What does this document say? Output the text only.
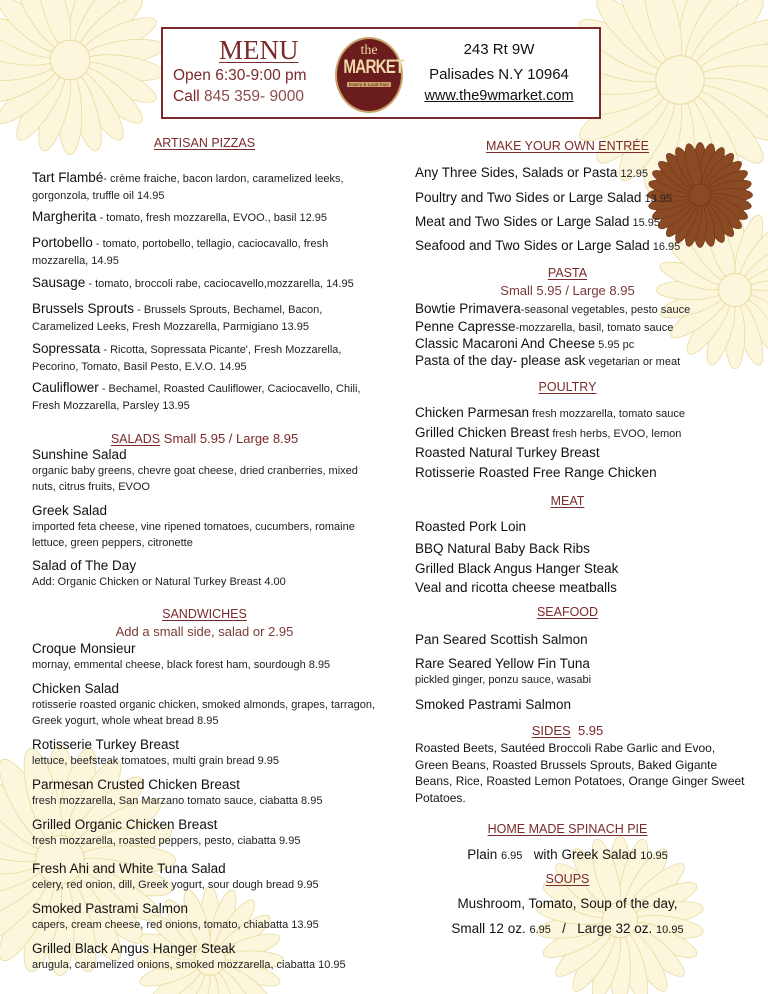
MENU
Open 6:30-9:00 pm
Call 845 359- 9000
the
MARKET
Eatery & Local Fare
243 Rt 9W
Palisades N.Y 10964
www.the9wmarket.com
ARTISAN PIZZAS
Tart Flambé- crème fraiche, bacon lardon, caramelized leeks, gorgonzola, truffle oil 14.95
Margherita - tomato, fresh mozzarella, EVOO., basil 12.95
Portobello - tomato, portobello, tellagio, caciocavallo, fresh mozzarella, 14.95
Sausage - tomato, broccoli rabe, caciocavello,mozzarella, 14.95
Brussels Sprouts - Brussels Sprouts, Bechamel, Bacon, Caramelized Leeks, Fresh Mozzarella, Parmigiano 13.95
Sopressata - Ricotta, Sopressata Picante', Fresh Mozzarella, Pecorino, Tomato, Basil Pesto, E.V.O. 14.95
Cauliflower - Bechamel, Roasted Cauliflower, Caciocavello, Chili, Fresh Mozzarella, Parsley 13.95
Sunshine Salad
organic baby greens, chevre goat cheese, dried cranberries, mixed nuts, citrus fruits, EVOO
Greek Salad
imported feta cheese, vine ripened tomatoes, cucumbers, romaine lettuce, green peppers, citronette
Salad of The Day
Add: Organic Chicken or Natural Turkey Breast 4.00
SANDWICHES
Add a small side, salad or 2.95
Croque Monsieur
mornay, emmental cheese, black forest ham, sourdough 8.95
Chicken Salad
rotisserie roasted organic chicken, smoked almonds, grapes, tarragon, Greek yogurt, whole wheat bread 8.95
Rotisserie Turkey Breast
lettuce, beefsteak tomatoes, multi grain bread 9.95
Parmesan Crusted Chicken Breast
fresh mozzarella, San Marzano tomato sauce, ciabatta 8.95
Grilled Organic Chicken Breast
fresh mozzarella, roasted peppers, pesto, ciabatta 9.95
Fresh Ahi and White Tuna Salad
celery, red onion, dill, Greek yogurt, sour dough bread 9.95
Smoked Pastrami Salmon
capers, cream cheese, red onions, tomato, chiabatta 13.95
Grilled Black Angus Hanger Steak
arugula, caramelized onions, smoked mozzarella, ciabatta 10.95
MAKE YOUR OWN ENTRÉE
Any Three Sides, Salads or Pasta 12.95
Poultry and Two Sides or Large Salad 13.95
Meat and Two Sides or Large Salad 15.95
Seafood and Two Sides or Large Salad 16.95
PASTA
Small 5.95 / Large 8.95
Bowtie Primavera-seasonal vegetables, pesto sauce
Penne Capresse-mozzarella, basil, tomato sauce
Classic Macaroni And Cheese 5.95 pc
Pasta of the day- please ask vegetarian or meat
POULTRY
Chicken Parmesan fresh mozzarella, tomato sauce
Grilled Chicken Breast fresh herbs, EVOO, lemon
Roasted Natural Turkey Breast
Rotisserie Roasted Free Range Chicken
MEAT
Roasted Pork Loin
BBQ Natural Baby Back Ribs
Grilled Black Angus Hanger Steak
Veal and ricotta cheese meatballs
SEAFOOD
Pan Seared Scottish Salmon
Rare Seared Yellow Fin Tuna
pickled ginger, ponzu sauce, wasabi
Smoked Pastrami Salmon
HOME MADE SPINACH PIE
SOUPS
SALADS Small 5.95 / Large 8.95
Roasted Beets, Sautéed Broccoli Rabe Garlic and Evoo, Green Beans, Roasted Brussels Sprouts, Baked Gigante Beans, Rice, Roasted Lemon Potatoes, Orange Ginger Sweet Potatoes.
SIDES 5.95
Plain 6.95 with Greek Salad 10.95
Mushroom, Tomato, Soup of the day,
Small 12 oz. 6.95 / Large 32 oz. 10.95
